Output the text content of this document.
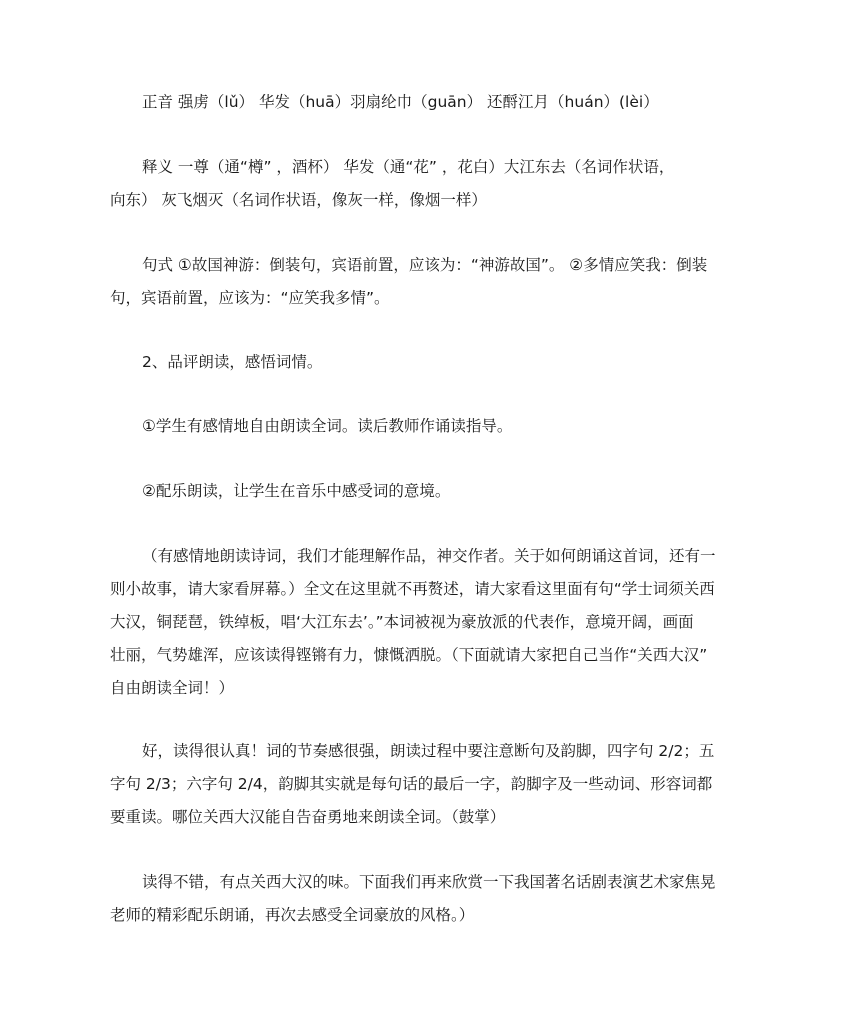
正音 强虏（lǔ） 华发（huā）羽扇纶巾（guān） 还酹江月（huán）(lèi）

释义 一尊（通“樽” ，酒杯） 华发（通“花” ，花白）大江东去（名词作状语，
向东） 灰飞烟灭（名词作状语，像灰一样，像烟一样）

句式 ①故国神游：倒装句，宾语前置，应该为：“神游故国”。 ②多情应笑我：倒装
句，宾语前置，应该为：“应笑我多情”。

2、品评朗读，感悟词情。

①学生有感情地自由朗读全词。读后教师作诵读指导。

②配乐朗读，让学生在音乐中感受词的意境。

（有感情地朗读诗词，我们才能理解作品，神交作者。关于如何朗诵这首词，还有一
则小故事，请大家看屏幕。）全文在这里就不再赘述，请大家看这里面有句“学士词须关西
大汉，铜琵琶，铁绰板，唱‘大江东去’。”本词被视为豪放派的代表作，意境开阔，画面
壮丽，气势雄浑，应该读得铿锵有力，慷慨洒脱。（下面就请大家把自己当作“关西大汉”
自由朗读全词！）

好，读得很认真！词的节奏感很强，朗读过程中要注意断句及韵脚，四字句 2/2；五
字句 2/3；六字句 2/4，韵脚其实就是每句话的最后一字，韵脚字及一些动词、形容词都
要重读。哪位关西大汉能自告奋勇地来朗读全词。（鼓掌）

读得不错，有点关西大汉的味。下面我们再来欣赏一下我国著名话剧表演艺术家焦晃
老师的精彩配乐朗诵，再次去感受全词豪放的风格。）
